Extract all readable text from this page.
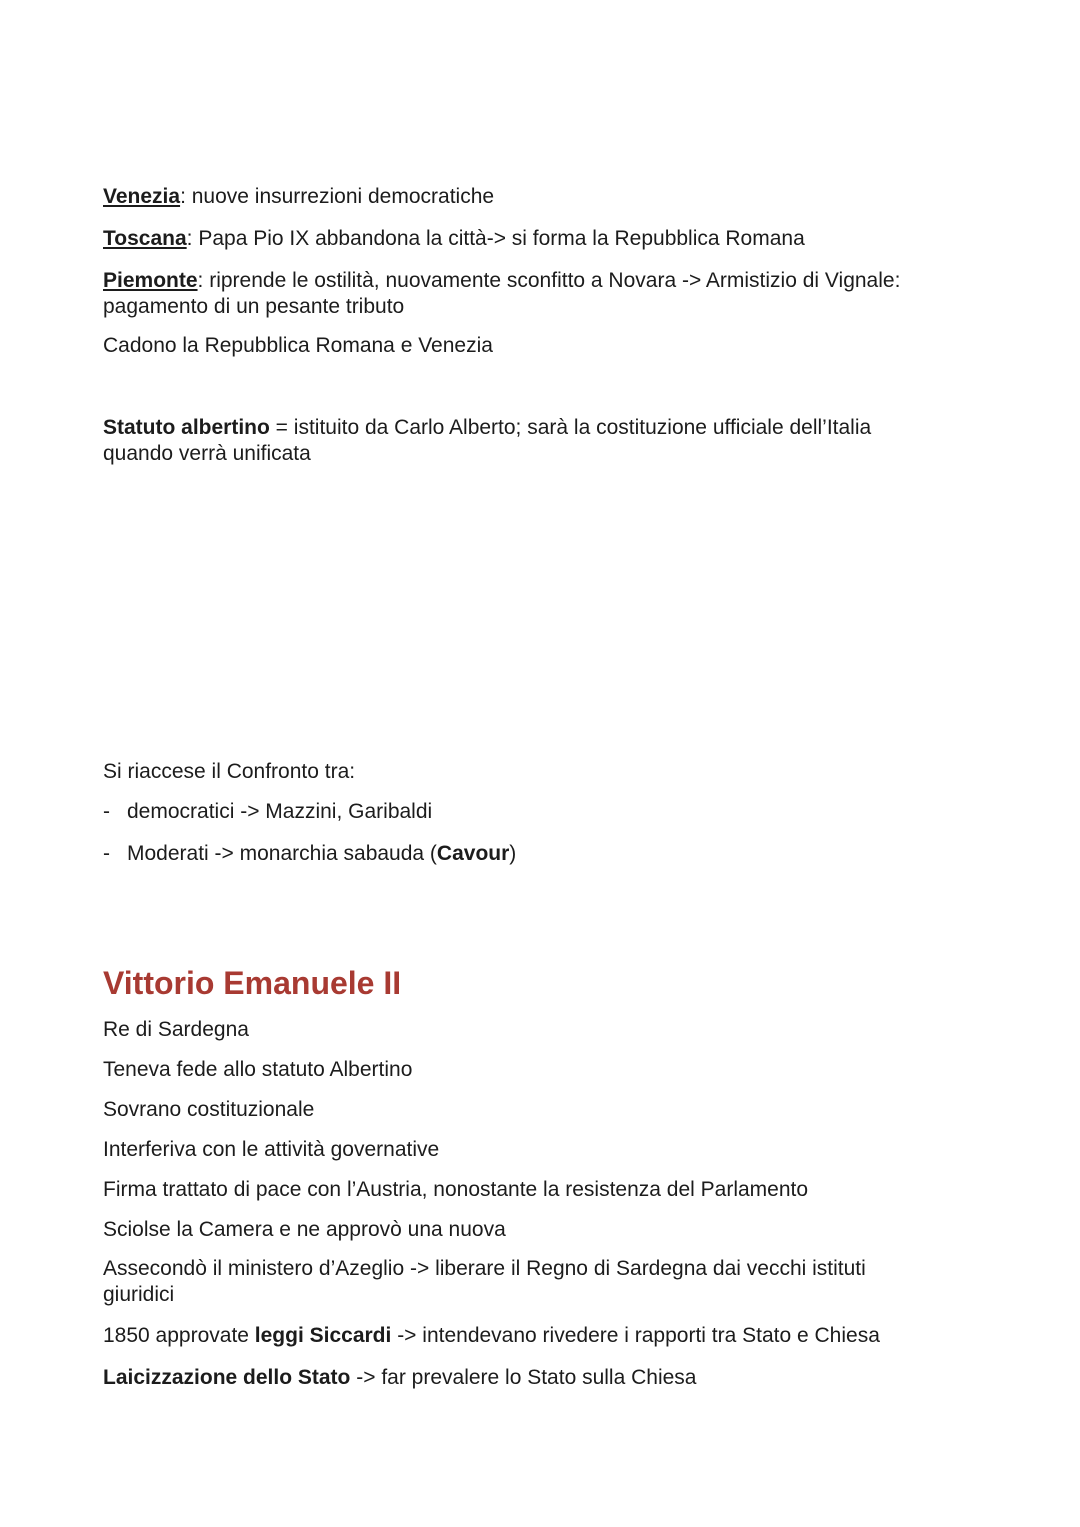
Venezia: nuove insurrezioni democratiche

Toscana: Papa Pio IX abbandona la città-> si forma la Repubblica Romana

Piemonte: riprende le ostilità, nuovamente sconfitto a Novara -> Armistizio di Vignale: pagamento di un pesante tributo

Cadono la Repubblica Romana e Venezia

Statuto albertino = istituito da Carlo Alberto; sarà la costituzione ufficiale dell’Italia quando verrà unificata

Si riaccese il Confronto tra:

- democratici -> Mazzini, Garibaldi
- Moderati -> monarchia sabauda (Cavour)
Vittorio Emanuele II

Re di Sardegna

Teneva fede allo statuto Albertino

Sovrano costituzionale

Interferiva con le attività governative

Firma trattato di pace con l’Austria, nonostante la resistenza del Parlamento

Sciolse la Camera e ne approvò una nuova

Assecondò il ministero d’Azeglio -> liberare il Regno di Sardegna dai vecchi istituti giuridici

1850 approvate leggi Siccardi -> intendevano rivedere i rapporti tra Stato e Chiesa

Laicizzazione dello Stato -> far prevalere lo Stato sulla Chiesa
